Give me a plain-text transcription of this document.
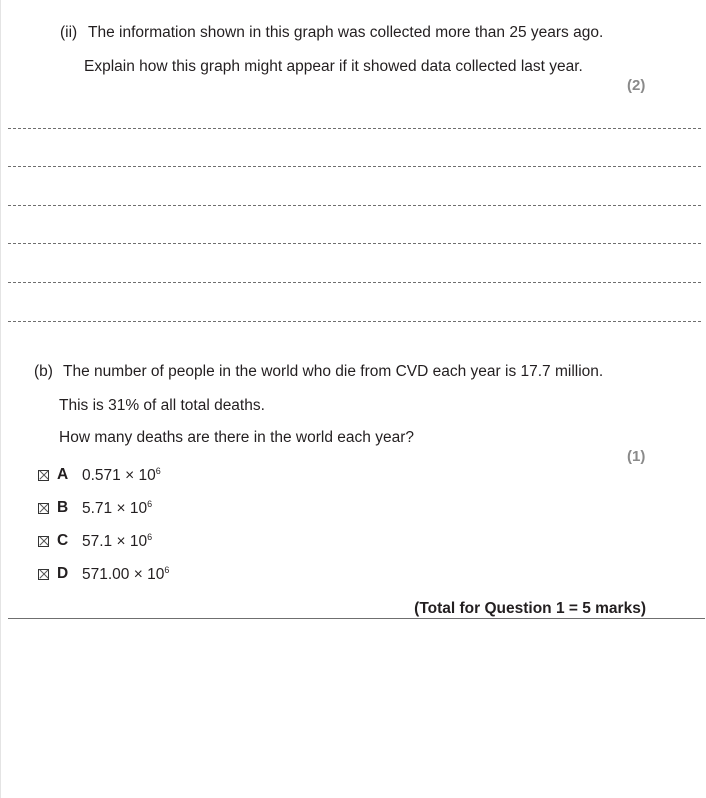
(ii) The information shown in this graph was collected more than 25 years ago.
Explain how this graph might appear if it showed data collected last year.
(2)
(b) The number of people in the world who die from CVD each year is 17.7 million.
This is 31% of all total deaths.
How many deaths are there in the world each year?
(1)
A $0.571 \times 10^6$
B $5.71 \times 10^6$
C $57.1 \times 10^6$
D $571.00 \times 10^6$
(Total for Question 1 = 5 marks)
